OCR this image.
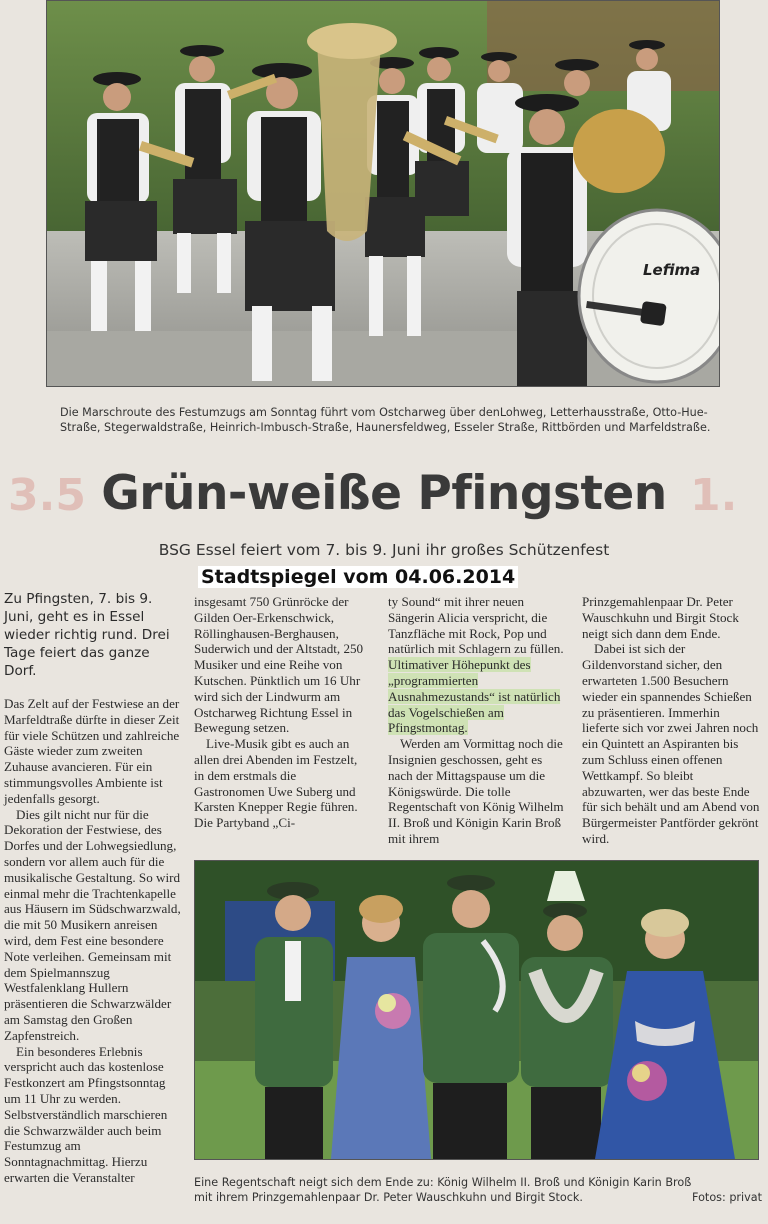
3.5	1.
Lefima
Die Marschroute des Festumzugs am Sonntag führt vom Ostcharweg über denLohweg, Letterhausstraße, Otto-Hue-Straße, Stegerwaldstraße, Heinrich-Imbusch-Straße, Haunersfeldweg, Esseler Straße, Rittbörden und Marfeldstraße.
Grün-weiße Pfingsten
BSG Essel feiert vom 7. bis 9. Juni ihr großes Schützenfest
Stadtspiegel vom 04.06.2014

Zu Pfingsten, 7. bis 9. Juni, geht es in Essel wieder richtig rund. Drei Tage feiert das ganze Dorf.

Das Zelt auf der Festwiese an der Marfeldtraße dürfte in dieser Zeit für viele Schützen und zahlreiche Gäste wieder zum zweiten Zuhause avancieren. Für ein stimmungsvolles Ambiente ist jedenfalls gesorgt.

Dies gilt nicht nur für die Dekoration der Festwiese, des Dorfes und der Lohwegsiedlung, sondern vor allem auch für die musikalische Gestaltung. So wird einmal mehr die Trachtenkapelle aus Häusern im Südschwarzwald, die mit 50 Musikern anreisen wird, dem Fest eine besondere Note verleihen. Gemeinsam mit dem Spielmannszug Westfalenklang Hullern präsentieren die Schwarzwälder am Samstag den Großen Zapfenstreich.

Ein besonderes Erlebnis verspricht auch das kostenlose Festkonzert am Pfingstsonntag um 11 Uhr zu werden. Selbstverständlich marschieren die Schwarzwälder auch beim Festumzug am Sonntagnachmittag. Hierzu erwarten die Veranstalter

insgesamt 750 Grünröcke der Gilden Oer-Erkenschwick, Röllinghausen-Berghausen, Suderwich und der Altstadt, 250 Musiker und eine Reihe von Kutschen. Pünktlich um 16 Uhr wird sich der Lindwurm am Ostcharweg Richtung Essel in Bewegung setzen.

Live-Musik gibt es auch an allen drei Abenden im Festzelt, in dem erstmals die Gastronomen Uwe Suberg und Karsten Knepper Regie führen. Die Partyband „Ci-

ty Sound“ mit ihrer neuen Sängerin Alicia verspricht, die Tanzfläche mit Rock, Pop und natürlich mit Schlagern zu füllen. Ultimativer Höhepunkt des „programmierten Ausnahmezustands“ ist natürlich das Vogelschießen am Pfingstmontag.

Werden am Vormittag noch die Insignien geschossen, geht es nach der Mittagspause um die Königswürde. Die tolle Regentschaft von König Wilhelm II. Broß und Königin Karin Broß mit ihrem

Prinzgemahlenpaar Dr. Peter Wauschkuhn und Birgit Stock neigt sich dann dem Ende.

Dabei ist sich der Gildenvorstand sicher, den erwarteten 1.500 Besuchern wieder ein spannendes Schießen zu präsentieren. Immerhin lieferte sich vor zwei Jahren noch ein Quintett an Aspiranten bis zum Schluss einen offenen Wettkampf. So bleibt abzuwarten, wer das beste Ende für sich behält und am Abend von Bürgermeister Pantförder gekrönt wird.

Eine Regentschaft neigt sich dem Ende zu: König Wilhelm II. Broß und Königin Karin Broß mit ihrem Prinzgemahlenpaar Dr. Peter Wauschkuhn und Birgit Stock.	Fotos: privat
